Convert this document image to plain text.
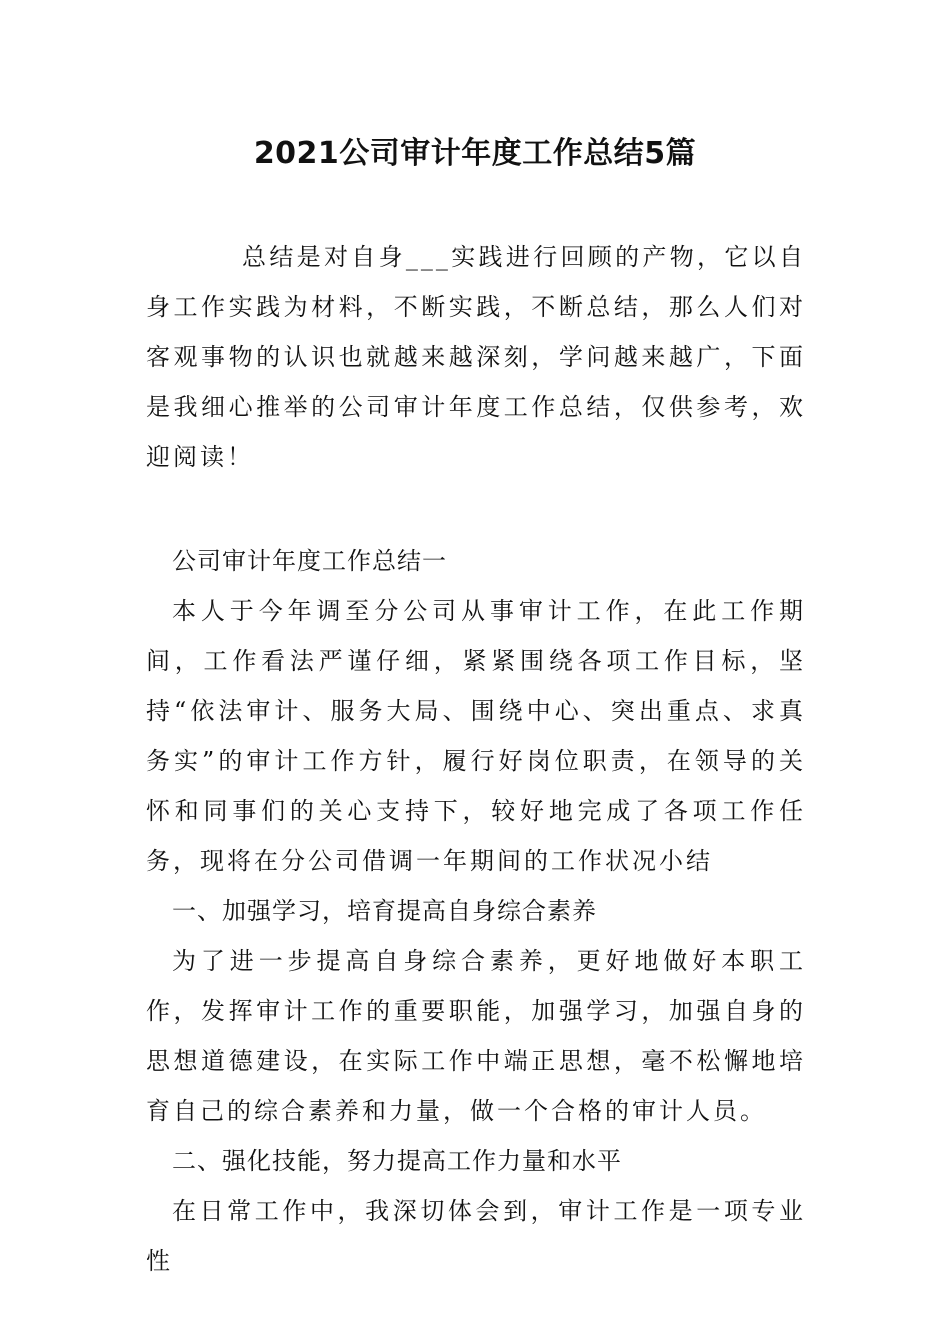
2021公司审计年度工作总结5篇

总结是对自身___实践进行回顾的产物，它以自身工作实践为材料，不断实践，不断总结，那么人们对客观事物的认识也就越来越深刻，学问越来越广，下面是我细心推举的公司审计年度工作总结，仅供参考，欢迎阅读！

公司审计年度工作总结一

本人于今年调至分公司从事审计工作，在此工作期间，工作看法严谨仔细，紧紧围绕各项工作目标，坚持“依法审计、服务大局、围绕中心、突出重点、求真务实”的审计工作方针，履行好岗位职责，在领导的关怀和同事们的关心支持下，较好地完成了各项工作任务，现将在分公司借调一年期间的工作状况小结

一、加强学习，培育提高自身综合素养

为了进一步提高自身综合素养，更好地做好本职工作，发挥审计工作的重要职能，加强学习，加强自身的思想道德建设，在实际工作中端正思想，毫不松懈地培育自己的综合素养和力量，做一个合格的审计人员。

二、强化技能，努力提高工作力量和水平

在日常工作中，我深切体会到，审计工作是一项专业性
